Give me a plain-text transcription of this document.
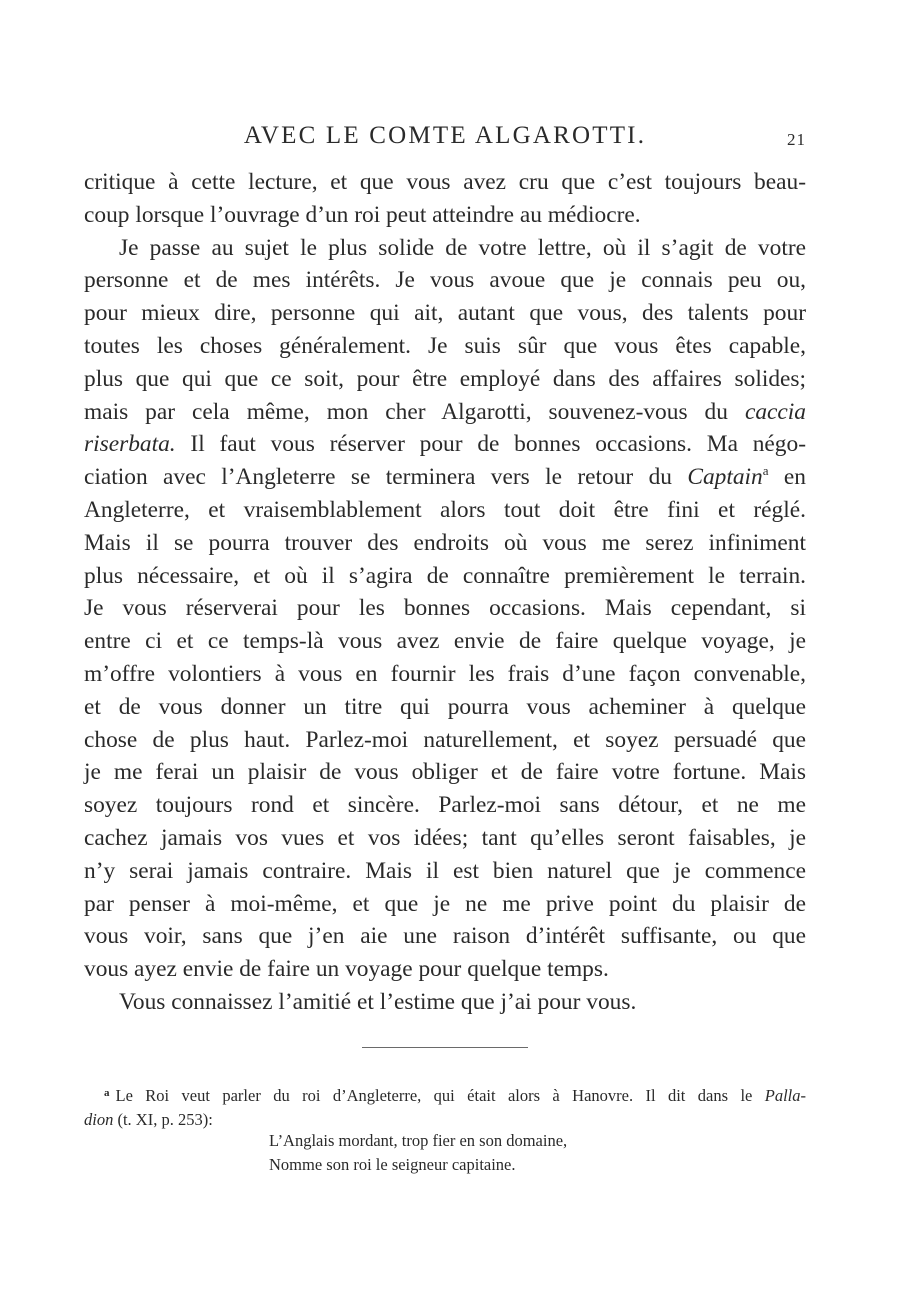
AVEC LE COMTE ALGAROTTI.	21
critique à cette lecture, et que vous avez cru que c’est toujours beau-
coup lorsque l’ouvrage d’un roi peut atteindre au médiocre.
Je passe au sujet le plus solide de votre lettre, où il s’agit de votre
personne et de mes intérêts. Je vous avoue que je connais peu ou,
pour mieux dire, personne qui ait, autant que vous, des talents pour
toutes les choses généralement. Je suis sûr que vous êtes capable,
plus que qui que ce soit, pour être employé dans des affaires solides;
mais par cela même, mon cher Algarotti, souvenez-vous du caccia
riserbata. Il faut vous réserver pour de bonnes occasions. Ma négo-
ciation avec l’Angleterre se terminera vers le retour du Captain$^a$ en
Angleterre, et vraisemblablement alors tout doit être fini et réglé.
Mais il se pourra trouver des endroits où vous me serez infiniment
plus nécessaire, et où il s’agira de connaître premièrement le terrain.
Je vous réserverai pour les bonnes occasions. Mais cependant, si
entre ci et ce temps-là vous avez envie de faire quelque voyage, je
m’offre volontiers à vous en fournir les frais d’une façon convenable,
et de vous donner un titre qui pourra vous acheminer à quelque
chose de plus haut. Parlez-moi naturellement, et soyez persuadé que
je me ferai un plaisir de vous obliger et de faire votre fortune. Mais
soyez toujours rond et sincère. Parlez-moi sans détour, et ne me
cachez jamais vos vues et vos idées; tant qu’elles seront faisables, je
n’y serai jamais contraire. Mais il est bien naturel que je commence
par penser à moi-même, et que je ne me prive point du plaisir de
vous voir, sans que j’en aie une raison d’intérêt suffisante, ou que
vous ayez envie de faire un voyage pour quelque temps.
Vous connaissez l’amitié et l’estime que j’ai pour vous.
$^a$ Le Roi veut parler du roi d’Angleterre, qui était alors à Hanovre. Il dit dans le Palla-
dion (t. XI, p. 253):
L’Anglais mordant, trop fier en son domaine,
Nomme son roi le seigneur capitaine.
